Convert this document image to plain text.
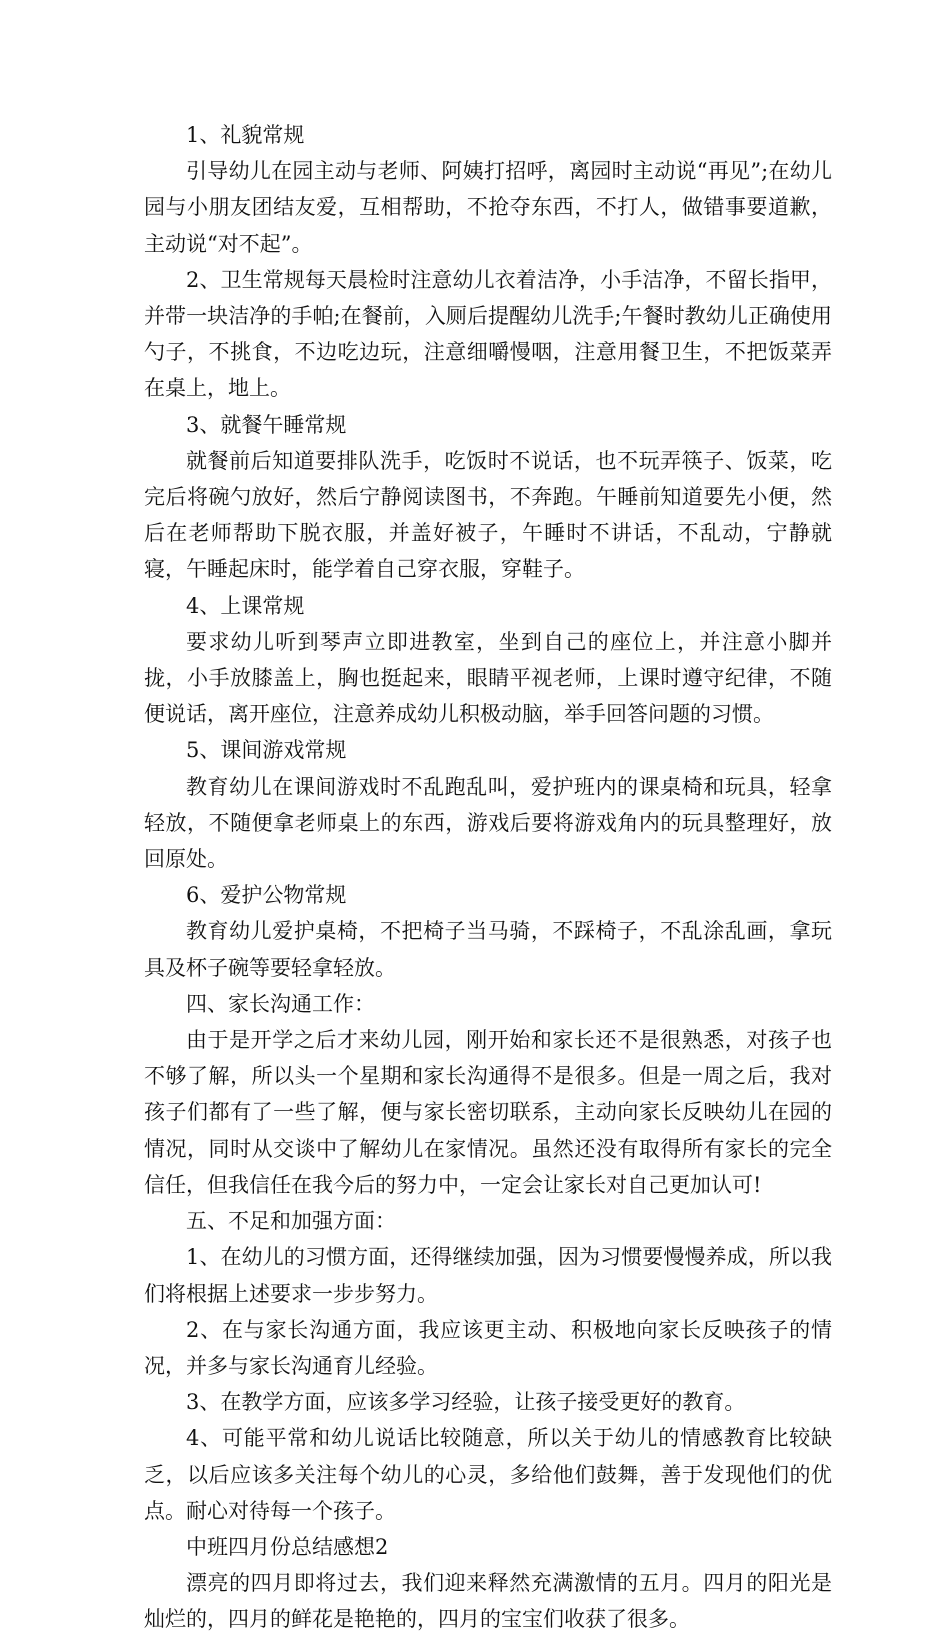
1、礼貌常规

引导幼儿在园主动与老师、阿姨打招呼，离园时主动说“再见”;在幼儿园与小朋友团结友爱，互相帮助，不抢夺东西，不打人，做错事要道歉，主动说“对不起”。

2、卫生常规每天晨检时注意幼儿衣着洁净，小手洁净，不留长指甲，并带一块洁净的手帕;在餐前，入厕后提醒幼儿洗手;午餐时教幼儿正确使用勺子，不挑食，不边吃边玩，注意细嚼慢咽，注意用餐卫生，不把饭菜弄在桌上，地上。

3、就餐午睡常规

就餐前后知道要排队洗手，吃饭时不说话，也不玩弄筷子、饭菜，吃完后将碗勺放好，然后宁静阅读图书，不奔跑。午睡前知道要先小便，然后在老师帮助下脱衣服，并盖好被子，午睡时不讲话，不乱动，宁静就寝，午睡起床时，能学着自己穿衣服，穿鞋子。

4、上课常规

要求幼儿听到琴声立即进教室，坐到自己的座位上，并注意小脚并拢，小手放膝盖上，胸也挺起来，眼睛平视老师，上课时遵守纪律，不随便说话，离开座位，注意养成幼儿积极动脑，举手回答问题的习惯。

5、课间游戏常规

教育幼儿在课间游戏时不乱跑乱叫，爱护班内的课桌椅和玩具，轻拿轻放，不随便拿老师桌上的东西，游戏后要将游戏角内的玩具整理好，放回原处。

6、爱护公物常规

教育幼儿爱护桌椅，不把椅子当马骑，不踩椅子，不乱涂乱画，拿玩具及杯子碗等要轻拿轻放。

四、家长沟通工作：

由于是开学之后才来幼儿园，刚开始和家长还不是很熟悉，对孩子也不够了解，所以头一个星期和家长沟通得不是很多。但是一周之后，我对孩子们都有了一些了解，便与家长密切联系，主动向家长反映幼儿在园的情况，同时从交谈中了解幼儿在家情况。虽然还没有取得所有家长的完全信任，但我信任在我今后的努力中，一定会让家长对自己更加认可!

五、不足和加强方面：

1、在幼儿的习惯方面，还得继续加强，因为习惯要慢慢养成，所以我们将根据上述要求一步步努力。

2、在与家长沟通方面，我应该更主动、积极地向家长反映孩子的情况，并多与家长沟通育儿经验。

3、在教学方面，应该多学习经验，让孩子接受更好的教育。

4、可能平常和幼儿说话比较随意，所以关于幼儿的情感教育比较缺乏，以后应该多关注每个幼儿的心灵，多给他们鼓舞，善于发现他们的优点。耐心对待每一个孩子。

中班四月份总结感想2

漂亮的四月即将过去，我们迎来释然充满激情的五月。四月的阳光是灿烂的，四月的鲜花是艳艳的，四月的宝宝们收获了很多。
